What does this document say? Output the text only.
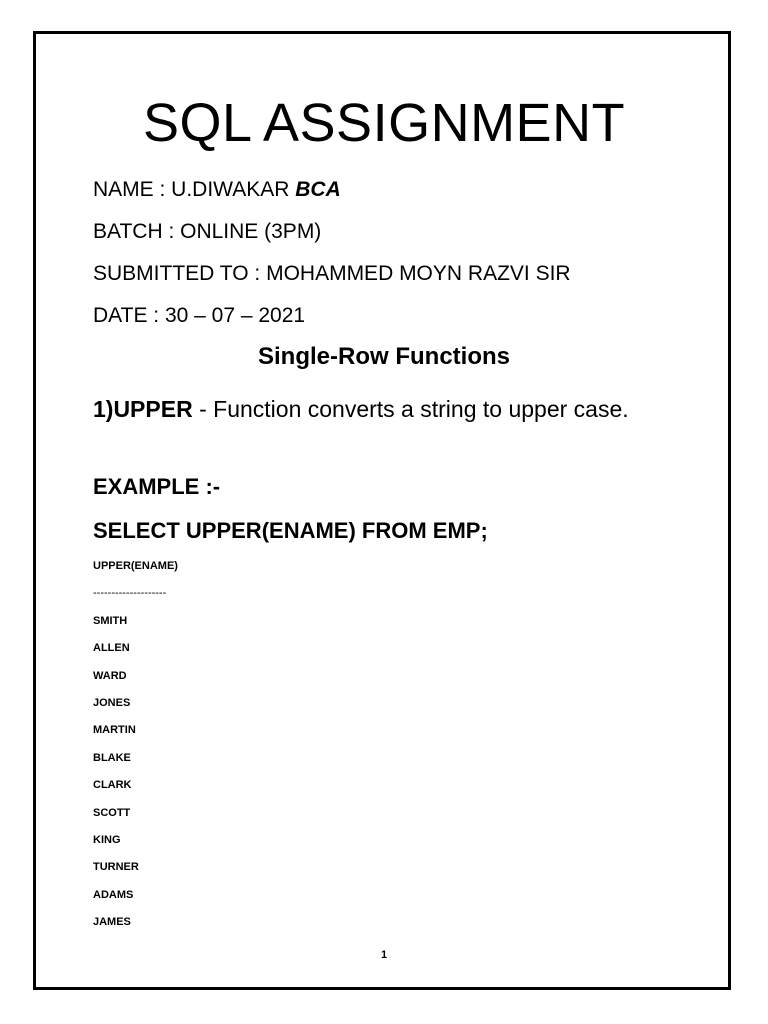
SQL ASSIGNMENT
NAME : U.DIWAKAR BCA
BATCH : ONLINE (3PM)
SUBMITTED TO : MOHAMMED MOYN RAZVI SIR
DATE : 30 – 07 – 2021
Single-Row Functions
1)UPPER - Function converts a string to upper case.
EXAMPLE :-
SELECT UPPER(ENAME) FROM EMP;
UPPER(ENAME)
--------------------
SMITH
ALLEN
WARD
JONES
MARTIN
BLAKE
CLARK
SCOTT
KING
TURNER
ADAMS
JAMES
1
